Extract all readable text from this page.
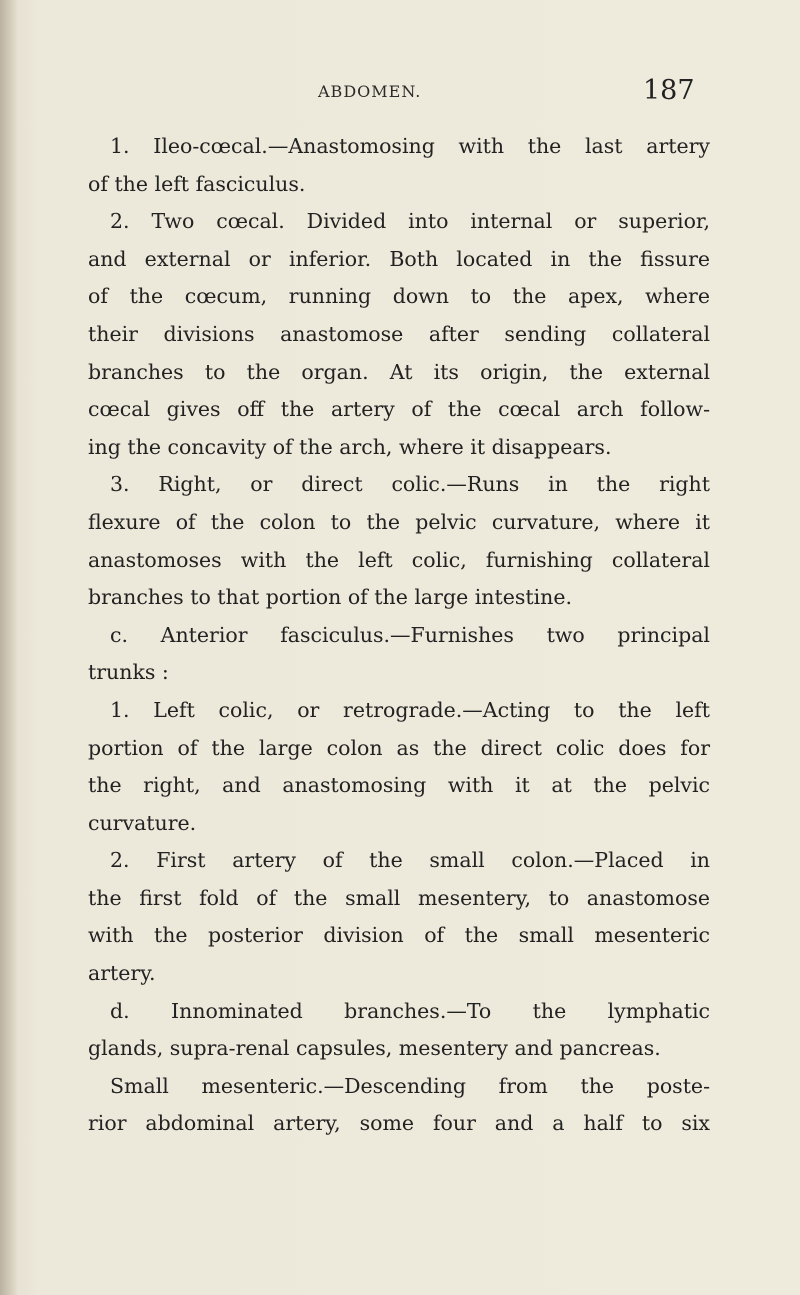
ABDOMEN.	187
1. Ileo-cœcal.—Anastomosing with the last artery
of the left fasciculus.
2. Two cœcal. Divided into internal or superior,
and external or inferior. Both located in the fissure
of the cœcum, running down to the apex, where
their divisions anastomose after sending collateral
branches to the organ. At its origin, the external
cœcal gives off the artery of the cœcal arch follow-
ing the concavity of the arch, where it disappears.
3. Right, or direct colic.—Runs in the right
flexure of the colon to the pelvic curvature, where it
anastomoses with the left colic, furnishing collateral
branches to that portion of the large intestine.
c. Anterior fasciculus.—Furnishes two principal
trunks :
1. Left colic, or retrograde.—Acting to the left
portion of the large colon as the direct colic does for
the right, and anastomosing with it at the pelvic
curvature.
2. First artery of the small colon.—Placed in
the first fold of the small mesentery, to anastomose
with the posterior division of the small mesenteric
artery.
d. Innominated branches.—To the lymphatic
glands, supra-renal capsules, mesentery and pancreas.
Small mesenteric.—Descending from the poste-
rior abdominal artery, some four and a half to six
